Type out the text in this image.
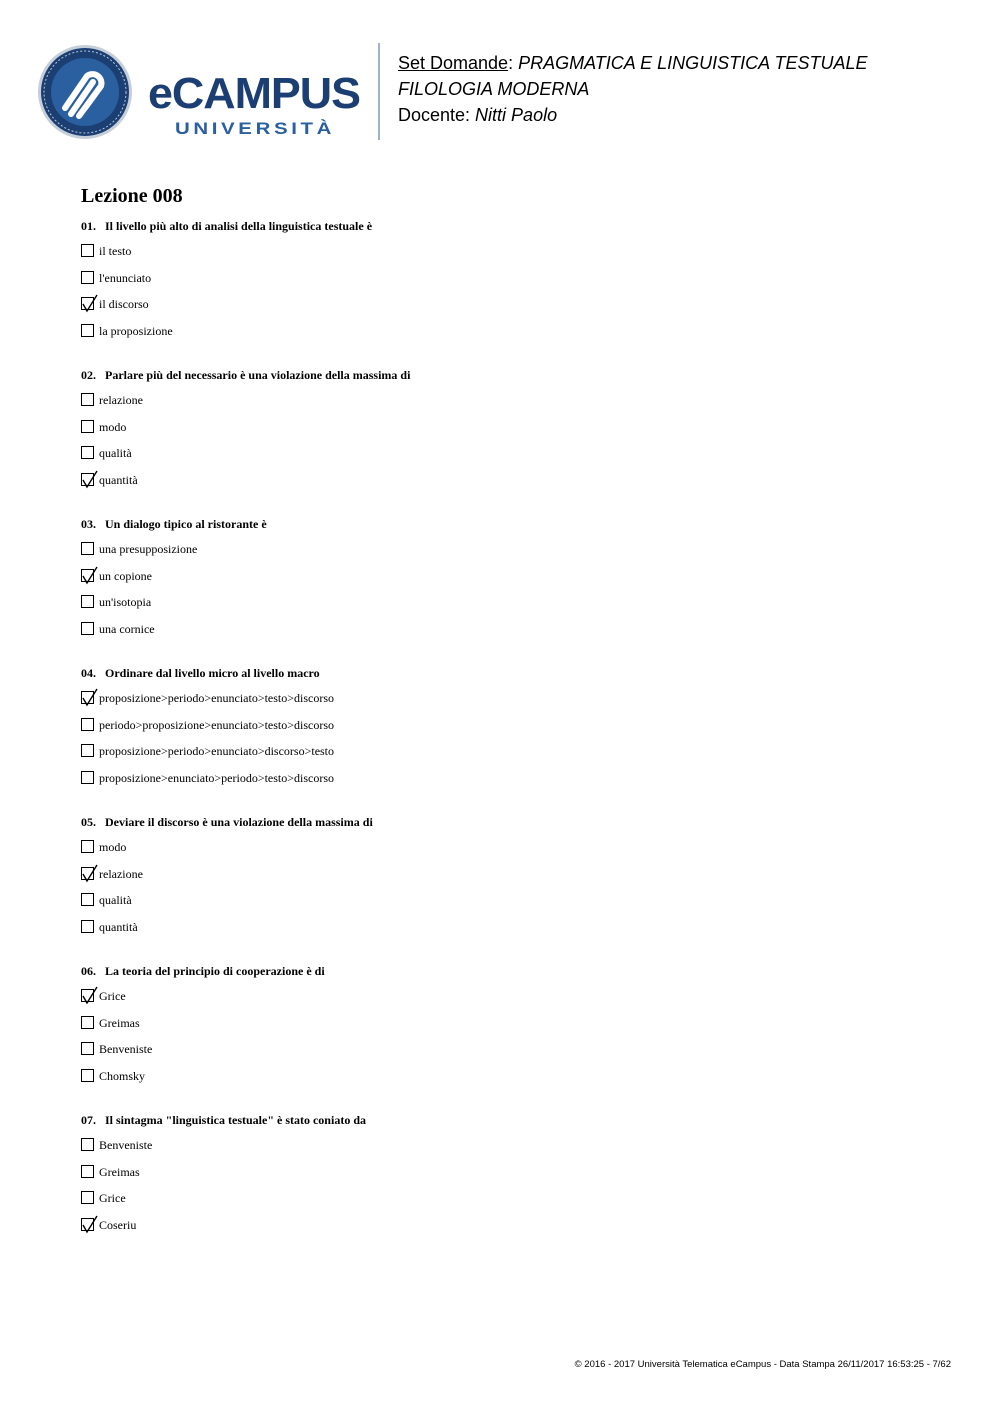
eCAMPUS
UNIVERSITÀ
Set Domande: PRAGMATICA E LINGUISTICA TESTUALE
FILOLOGIA MODERNA
Docente: Nitti Paolo
Lezione 008
01. Il livello più alto di analisi della linguistica testuale è
il testo
l'enunciato
il discorso
la proposizione
02. Parlare più del necessario è una violazione della massima di
relazione
modo
qualità
quantità
03. Un dialogo tipico al ristorante è
una presupposizione
un copione
un'isotopia
una cornice
04. Ordinare dal livello micro al livello macro
proposizione>periodo>enunciato>testo>discorso
periodo>proposizione>enunciato>testo>discorso
proposizione>periodo>enunciato>discorso>testo
proposizione>enunciato>periodo>testo>discorso
05. Deviare il discorso è una violazione della massima di
modo
relazione
qualità
quantità
06. La teoria del principio di cooperazione è di
Grice
Greimas
Benveniste
Chomsky
07. Il sintagma "linguistica testuale" è stato coniato da
Benveniste
Greimas
Grice
Coseriu
© 2016 - 2017 Università Telematica eCampus - Data Stampa 26/11/2017 16:53:25 - 7/62
